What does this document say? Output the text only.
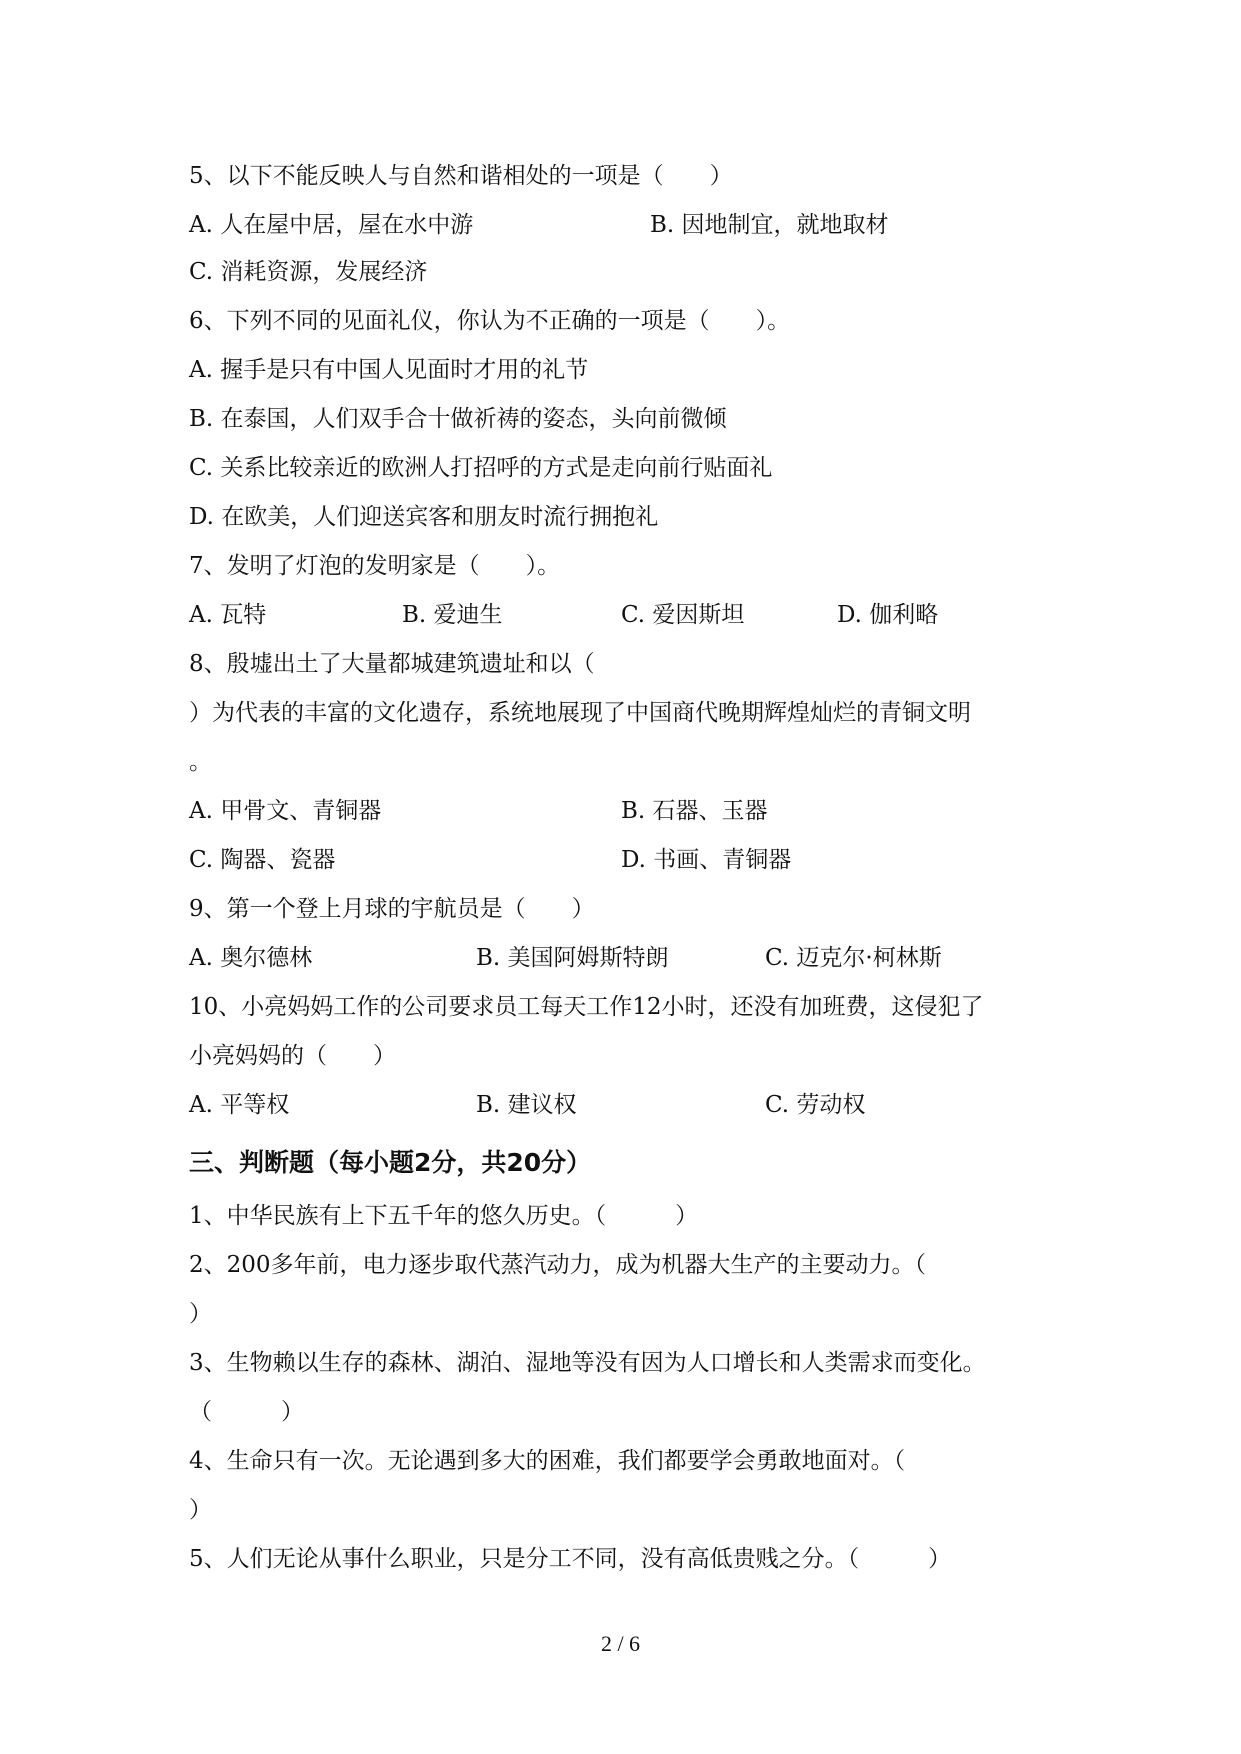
5、以下不能反映人与自然和谐相处的一项是（　　）
A. 人在屋中居，屋在水中游	B. 因地制宜，就地取材
C. 消耗资源，发展经济
6、下列不同的见面礼仪，你认为不正确的一项是（　　）。
A. 握手是只有中国人见面时才用的礼节
B. 在泰国，人们双手合十做祈祷的姿态，头向前微倾
C. 关系比较亲近的欧洲人打招呼的方式是走向前行贴面礼
D. 在欧美，人们迎送宾客和朋友时流行拥抱礼
7、发明了灯泡的发明家是（　　）。
A. 瓦特	B. 爱迪生	C. 爱因斯坦	D. 伽利略
8、殷墟出土了大量都城建筑遗址和以（
）为代表的丰富的文化遗存，系统地展现了中国商代晚期辉煌灿烂的青铜文明
。
A. 甲骨文、青铜器	B. 石器、玉器
C. 陶器、瓷器	D. 书画、青铜器
9、第一个登上月球的宇航员是（　　）
A. 奥尔德林	B. 美国阿姆斯特朗	C. 迈克尔·柯林斯
10、小亮妈妈工作的公司要求员工每天工作12小时，还没有加班费，这侵犯了
小亮妈妈的（　　）
A. 平等权	B. 建议权	C. 劳动权
三、判断题（每小题2分，共20分）
1、中华民族有上下五千年的悠久历史。（　　　）
2、200多年前，电力逐步取代蒸汽动力，成为机器大生产的主要动力。（
）
3、生物赖以生存的森林、湖泊、湿地等没有因为人口增长和人类需求而变化。
（　　　）
4、生命只有一次。无论遇到多大的困难，我们都要学会勇敢地面对。（
）
5、人们无论从事什么职业，只是分工不同，没有高低贵贱之分。（　　　）
2 / 6
